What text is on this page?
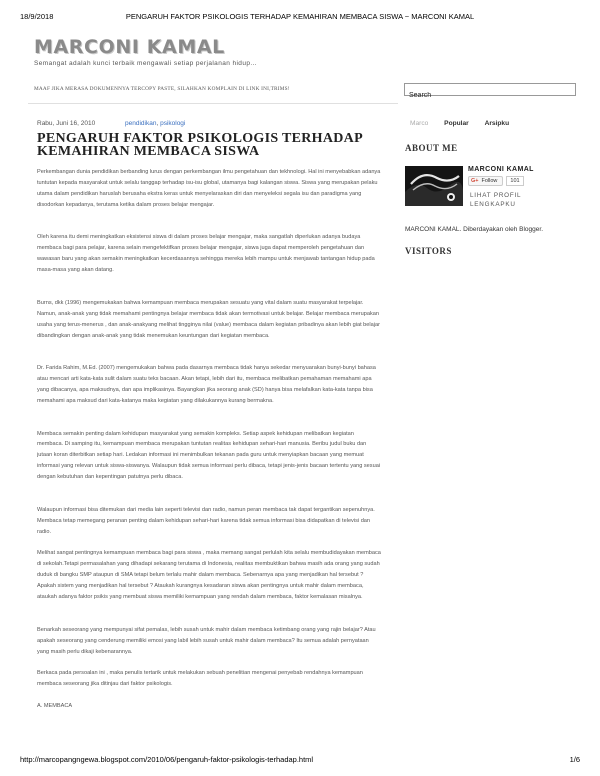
18/9/2018	PENGARUH FAKTOR PSIKOLOGIS TERHADAP KEMAHIRAN MEMBACA SISWA ~ MARCONI KAMAL
MARCONI KAMAL
Semangat adalah kunci terbaik mengawali setiap perjalanan hidup...
MAAF JIKA MERASA DOKUMENNYA TERCOPY PASTE, SILAHKAN KOMPLAIN DI LINK INI,TRIMS!
Search
Rabu, Juni 16, 2010	pendidikan, psikologi
PENGARUH FAKTOR PSIKOLOGIS TERHADAP KEMAHIRAN MEMBACA SISWA

Perkembangan dunia pendidikan berbanding lurus dengan perkembangan ilmu pengetahuan dan tekhnologi. Hal ini menyebabkan adanya tuntutan kepada masyarakat untuk selalu tanggap terhadap isu-isu global, utamanya bagi kalangan siswa. Siswa yang merupakan pelaku utama dalam pendidikan haruslah berusaha ekstra keras untuk menyelaraskan diri dan menyeleksi segala isu dan paradigma yang disodorkan kepadanya, terutama ketika dalam proses belajar mengajar.

Oleh karena itu demi meningkatkan eksistensi siswa di dalam proses belajar mengajar, maka sangatlah diperlukan adanya budaya membaca bagi para pelajar, karena selain mengefektifkan proses belajar mengajar, siswa juga dapat memperoleh pengetahuan dan wawasan baru yang akan semakin meningkatkan kecerdasannya sehingga mereka lebih mampu untuk menjawab tantangan hidup pada masa-masa yang akan datang.

Burns, dkk (1996) mengemukakan bahwa kemampuan membaca merupakan sesuatu yang vital dalam suatu masyarakat terpelajar. Namun, anak-anak yang tidak memahami pentingnya belajar membaca tidak akan termotivasi untuk belajar. Belajar membaca merupakan usaha yang terus-menerus , dan anak-anakyang melihat tingginya nilai (value) membaca dalam kegiatan pribadinya akan lebih giat belajar dibandingkan dengan anak-anak yang tidak menemukan keuntungan dari kegiatan membaca.

Dr. Farida Rahim, M.Ed. (2007) mengemukakan bahwa pada dasarnya membaca tidak hanya sekedar menyuarakan bunyi-bunyi bahasa atau mencari arti kata-kata sulit dalam suatu teks bacaan. Akan tetapi, lebih dari itu, membaca melibatkan pemahaman memahami apa yang dibacanya, apa maksudnya, dan apa implikasinya. Bayangkan jika seorang anak (SD) hanya bisa melafalkan kata-kata tanpa bisa memahami apa maksud dari kata-katanya maka kegiatan yang dilakukannya kurang bermakna.

Membaca semakin penting dalam kehidupan masyarakat yang semakin kompleks. Setiap aspek kehidupan melibatkan kegiatan membaca. Di samping itu, kemampuan membaca merupakan tuntutan realitas kehidupan sehari-hari manusia. Beribu judul buku dan jutaan koran diterbitkan setiap hari. Ledakan informasi ini menimbulkan tekanan pada guru untuk menyiapkan bacaan yang memuat informasi yang relevan untuk siswa-siswanya. Walaupun tidak semua informasi perlu dibaca, tetapi jenis-jenis bacaan tertentu yang sesuai dengan kebutuhan dan kepentingan patutnya perlu dibaca.

Walaupun informasi bisa ditemukan dari media lain seperti televisi dan radio, namun peran membaca tak dapat tergantikan sepenuhnya. Membaca tetap memegang peranan penting dalam kehidupan sehari-hari karena tidak semua informasi bisa didapatkan di televisi dan radio.

Melihat sangat pentingnya kemampuan membaca bagi para siswa , maka memang sangat perlulah kita selalu membudidayakan membaca di sekolah.Tetapi permasalahan yang dihadapi sekarang terutama di Indonesia, realitas membuktikan bahwa masih ada orang yang sudah duduk di bangku SMP ataupun di SMA tetapi belum terlalu mahir dalam membaca. Sebenarnya apa yang menjadikan hal tersebut ? Apakah sistem yang menjadikan hal tersebut ? Ataukah kurangnya kesadaran siswa akan pentingnya untuk mahir dalam membaca, ataukah adanya faktor psikis yang membuat siswa memiliki kemampuan yang rendah dalam membaca, faktor kemalasan misalnya.

Benarkah seseorang yang mempunyai sifat pemalas, lebih susah untuk mahir dalam membaca ketimbang orang yang rajin belajar? Atau apakah seseorang yang cenderung memiliki emosi yang labil lebih susah untuk mahir dalam membaca? Itu semua adalah pernyataan yang masih perlu dikaji kebenarannya.

Berkaca pada persoalan ini , maka penulis tertarik untuk melakukan sebuah penelitian mengenai penyebab rendahnya kemampuan membaca seseorang jika ditinjau dari faktor psikologis.

A. MEMBACA
Marco Popular Arsipku
ABOUT ME
MARCONI KAMAL
G+ Follow	101
LIHAT PROFIL LENGKAPKU
MARCONI KAMAL. Diberdayakan oleh Blogger.
VISITORS
http://marcopangngewa.blogspot.com/2010/06/pengaruh-faktor-psikologis-terhadap.html	1/6
